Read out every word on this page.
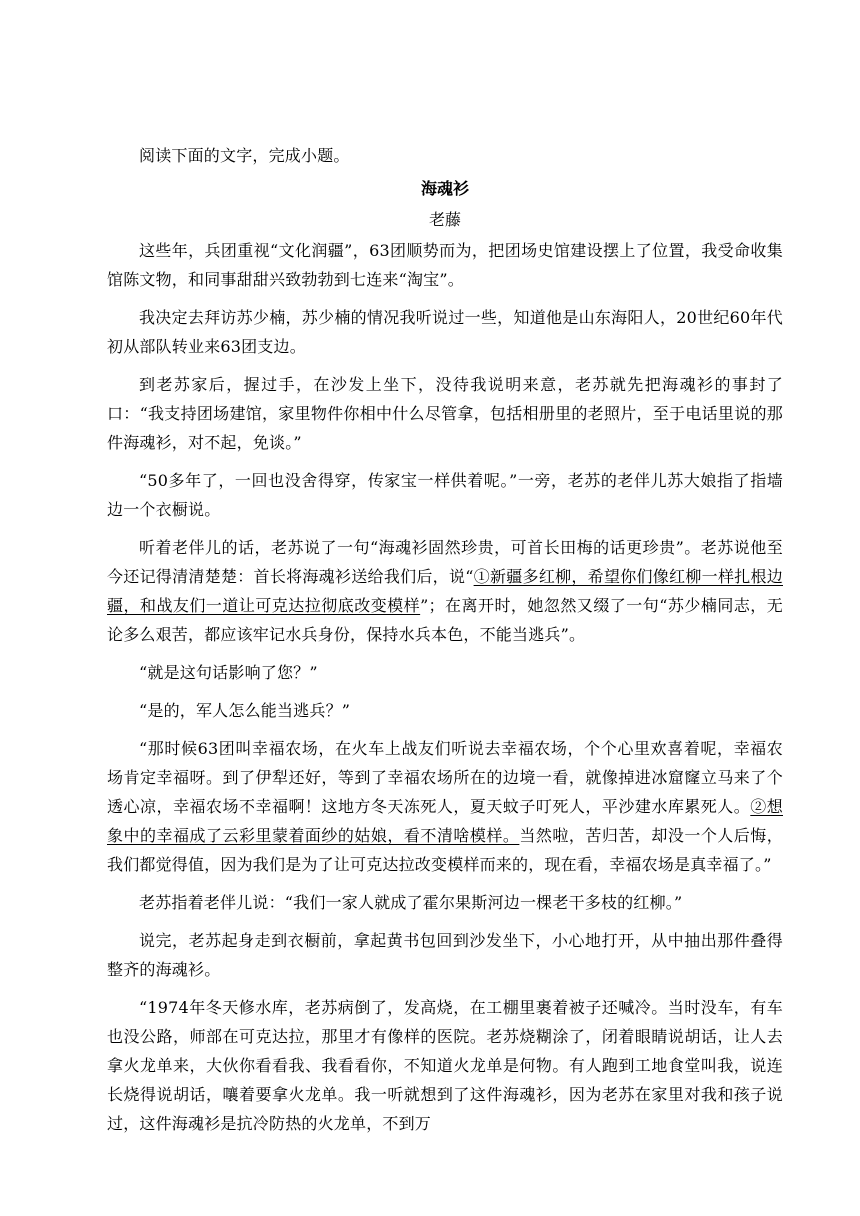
阅读下面的文字，完成小题。

海魂衫
老藤

这些年，兵团重视“文化润疆”，63团顺势而为，把团场史馆建设摆上了位置，我受命收集馆陈文物，和同事甜甜兴致勃勃到七连来“淘宝”。

我决定去拜访苏少楠，苏少楠的情况我听说过一些，知道他是山东海阳人，20世纪60年代初从部队转业来63团支边。

到老苏家后，握过手，在沙发上坐下，没待我说明来意，老苏就先把海魂衫的事封了口：“我支持团场建馆，家里物件你相中什么尽管拿，包括相册里的老照片，至于电话里说的那件海魂衫，对不起，免谈。”

“50多年了，一回也没舍得穿，传家宝一样供着呢。”一旁，老苏的老伴儿苏大娘指了指墙边一个衣橱说。

听着老伴儿的话，老苏说了一句“海魂衫固然珍贵，可首长田梅的话更珍贵”。老苏说他至今还记得清清楚楚：首长将海魂衫送给我们后，说“①新疆多红柳，希望你们像红柳一样扎根边疆，和战友们一道让可克达拉彻底改变模样”；在离开时，她忽然又缀了一句“苏少楠同志，无论多么艰苦，都应该牢记水兵身份，保持水兵本色，不能当逃兵”。

“就是这句话影响了您？”

“是的，军人怎么能当逃兵？”

“那时候63团叫幸福农场，在火车上战友们听说去幸福农场，个个心里欢喜着呢，幸福农场肯定幸福呀。到了伊犁还好，等到了幸福农场所在的边境一看，就像掉进冰窟窿立马来了个透心凉，幸福农场不幸福啊！这地方冬天冻死人，夏天蚊子叮死人，平沙建水库累死人。②想象中的幸福成了云彩里蒙着面纱的姑娘，看不清啥模样。当然啦，苦归苦，却没一个人后悔，我们都觉得值，因为我们是为了让可克达拉改变模样而来的，现在看，幸福农场是真幸福了。”

老苏指着老伴儿说：“我们一家人就成了霍尔果斯河边一棵老干多枝的红柳。”

说完，老苏起身走到衣橱前，拿起黄书包回到沙发坐下，小心地打开，从中抽出那件叠得整齐的海魂衫。

“1974年冬天修水库，老苏病倒了，发高烧，在工棚里裹着被子还喊冷。当时没车，有车也没公路，师部在可克达拉，那里才有像样的医院。老苏烧糊涂了，闭着眼睛说胡话，让人去拿火龙单来，大伙你看看我、我看看你，不知道火龙单是何物。有人跑到工地食堂叫我，说连长烧得说胡话，嚷着要拿火龙单。我一听就想到了这件海魂衫，因为老苏在家里对我和孩子说过，这件海魂衫是抗冷防热的火龙单，不到万
